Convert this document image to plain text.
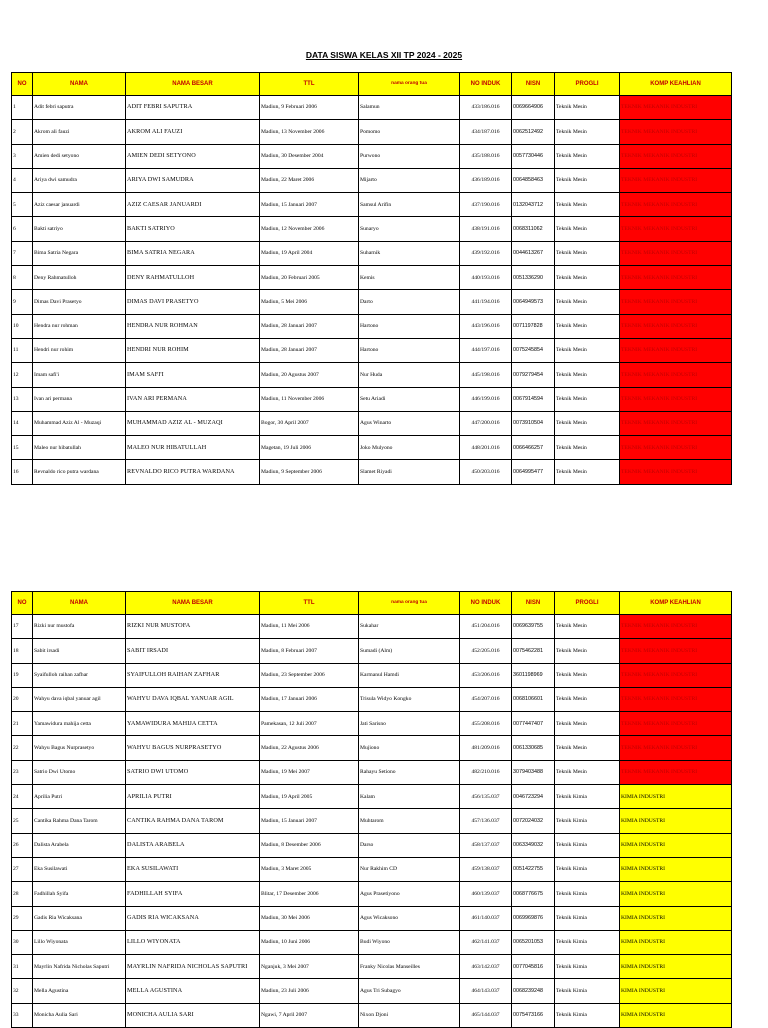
DATA SISWA KELAS XII TP 2024 - 2025
NO	NAMA	NAMA BESAR	TTL	nama orang tua	NO INDUK	NISN	PROGLI	KOMP KEAHLIAN
1	Adit febri saputra	ADIT FEBRI SAPUTRA	Madiun, 9 Februari 2006	Salamun	433/186.016	0069664906	Teknik Mesin	TEKNIK MEKANIK INDUSTRI
2	Akrom ali fauzi	AKROM ALI FAUZI	Madiun, 13 November 2006	Pomomo	434/187.016	0062512492	Teknik Mesin	TEKNIK MEKANIK INDUSTRI
3	Amien dedi setyono	AMIEN DEDI SETYONO	Madiun, 30 Desember 2004	Purwono	435/188.016	0057730446	Teknik Mesin	TEKNIK MEKANIK INDUSTRI
4	Ariya dwi samudra	ARIYA DWI SAMUDRA	Madiun, 22 Maret 2006	Mijarto	436/189.016	0064858463	Teknik Mesin	TEKNIK MEKANIK INDUSTRI
5	Aziz caesar januardi	AZIZ CAESAR JANUARDI	Madiun, 15 Januari 2007	Samsul Arifin	437/190.016	0132043712	Teknik Mesin	TEKNIK MEKANIK INDUSTRI
6	Bakti satriyo	BAKTI SATRIYO	Madiun, 12 November 2006	Sunaryo	438/191.016	0068311062	Teknik Mesin	TEKNIK MEKANIK INDUSTRI
7	Bima Satria Negara	BIMA SATRIA NEGARA	Madiun, 19 April 2004	Suharnik	439/192.016	0044613267	Teknik Mesin	TEKNIK MEKANIK INDUSTRI
8	Deny Rahmatulloh	DENY RAHMATULLOH	Madiun, 20 Februari 2005	Kemis	440/193.016	0051336290	Teknik Mesin	TEKNIK MEKANIK INDUSTRI
9	Dimas Davi Prasetyo	DIMAS DAVI PRASETYO	Madiun, 5 Mei 2006	Darto	441/194.016	0064949573	Teknik Mesin	TEKNIK MEKANIK INDUSTRI
10	Hendra nur rohman	HENDRA NUR ROHMAN	Madiun, 28 Januari 2007	Hartono	443/196.016	0071197828	Teknik Mesin	TEKNIK MEKANIK INDUSTRI
11	Hendri nur rohim	HENDRI NUR ROHIM	Madiun, 28 Januari 2007	Hartono	444/197.016	0075245854	Teknik Mesin	TEKNIK MEKANIK INDUSTRI
12	Imam safi'i	IMAM SAFI'I	Madiun, 20 Agustus 2007	Nur Huda	445/198.016	0079279454	Teknik Mesin	TEKNIK MEKANIK INDUSTRI
13	Ivan ari permana	IVAN ARI PERMANA	Madiun, 11 November 2006	Setu Ariadi	446/199.016	0067914594	Teknik Mesin	TEKNIK MEKANIK INDUSTRI
14	Muhammad Aziz Al - Muzaqi	MUHAMMAD AZIZ AL - MUZAQI	Bogor, 30 April 2007	Agus Winarto	447/200.016	0073910504	Teknik Mesin	TEKNIK MEKANIK INDUSTRI
15	Maleo nur hibatullah	MALEO NUR HIBATULLAH	Magetan, 19 Juli 2006	Joko Mulyono	448/201.016	0066466257	Teknik Mesin	TEKNIK MEKANIK INDUSTRI
16	Revnaldo rico putra wardana	REVNALDO RICO PUTRA WARDANA	Madiun, 9 September 2006	Slamet Riyadi	450/203.016	0064995477	Teknik Mesin	TEKNIK MEKANIK INDUSTRI
NO	NAMA	NAMA BESAR	TTL	nama orang tua	NO INDUK	NISN	PROGLI	KOMP KEAHLIAN
17	Rizki nur mustofa	RIZKI NUR MUSTOFA	Madiun, 11 Mei 2006	Sukahar	451/204.016	0069639755	Teknik Mesin	TEKNIK MEKANIK INDUSTRI
18	Sabit irsadi	SABIT IRSADI	Madiun, 8 Februari 2007	Sumadi (Alm)	452/205.016	0075462281	Teknik Mesin	TEKNIK MEKANIK INDUSTRI
19	Syaifulloh raihan zafhar	SYAIFULLOH RAIHAN ZAFHAR	Madiun, 23 September 2006	Karmanul Hamdi	453/206.016	3601198969	Teknik Mesin	TEKNIK MEKANIK INDUSTRI
20	Wahyu dava iqbal yanuar agil	WAHYU DAVA IQBAL YANUAR AGIL	Madiun, 17 Januari 2006	Trisula Widyo Kongko	454/207.016	0068106601	Teknik Mesin	TEKNIK MEKANIK INDUSTRI
21	Yamawidura mahija cetta	YAMAWIDURA MAHIJA CETTA	Pamekasan, 12 Juli 2007	Jati Sarisno	455/208.016	0077447407	Teknik Mesin	TEKNIK MEKANIK INDUSTRI
22	Wahyu Bagus Nurprasetyo	WAHYU BAGUS NURPRASETYO	Madiun, 22 Agustus 2006	Mujiono	481/209.016	0061330685	Teknik Mesin	TEKNIK MEKANIK INDUSTRI
23	Satrio Dwi Utomo	SATRIO DWI UTOMO	Madiun, 19 Mei 2007	Rahayu Setiono	482/210.016	3079403488	Teknik Mesin	TEKNIK MEKANIK INDUSTRI
24	Aprilia Putri	APRILIA PUTRI	Madiun, 19 April 2005	Kalam	456/135.037	0046723294	Teknik Kimia	KIMIA INDUSTRI
25	Cantika Rahma Dana Tarom	CANTIKA RAHMA DANA TAROM	Madiun, 15 Januari 2007	Muhtarom	457/136.037	0072024032	Teknik Kimia	KIMIA INDUSTRI
26	Dalista Arabela	DALISTA ARABELA	Madiun, 8 Desember 2006	Darso	458/137.037	0063349032	Teknik Kimia	KIMIA INDUSTRI
27	Eka Susilawati	EKA SUSILAWATI	Madiun, 3 Maret 2005	Nur Rakhim CD	459/138.037	0051422755	Teknik Kimia	KIMIA INDUSTRI
28	Fadhillah Syifa	FADHILLAH SYIFA	Blitar, 17 Desember 2006	Agus Prasetiyono	460/139.037	0068776675	Teknik Kimia	KIMIA INDUSTRI
29	Gadis Ria Wicaksana	GADIS RIA WICAKSANA	Madiun, 30 Mei 2006	Agus Wicaksono	461/140.037	0069969876	Teknik Kimia	KIMIA INDUSTRI
30	Lillo Wiyonata	LILLO WIYONATA	Madiun, 10 Juni 2006	Budi Wiyono	462/141.037	0065201053	Teknik Kimia	KIMIA INDUSTRI
31	Mayrlin Nafrida Nicholas Saputri	MAYRLIN NAFRIDA NICHOLAS SAPUTRI	Nganjuk, 3 Mei 2007	Franky Nicolas Manseilles	463/142.037	0077045816	Teknik Kimia	KIMIA INDUSTRI
32	Mella Agustina	MELLA AGUSTINA	Madiun, 23 Juli 2006	Agus Tri Subagyo	464/143.037	0068239248	Teknik Kimia	KIMIA INDUSTRI
33	Monicha Aulia Sari	MONICHA AULIA SARI	Ngawi, 7 April 2007	Nixon Djoni	465/144.037	0075473166	Teknik Kimia	KIMIA INDUSTRI
